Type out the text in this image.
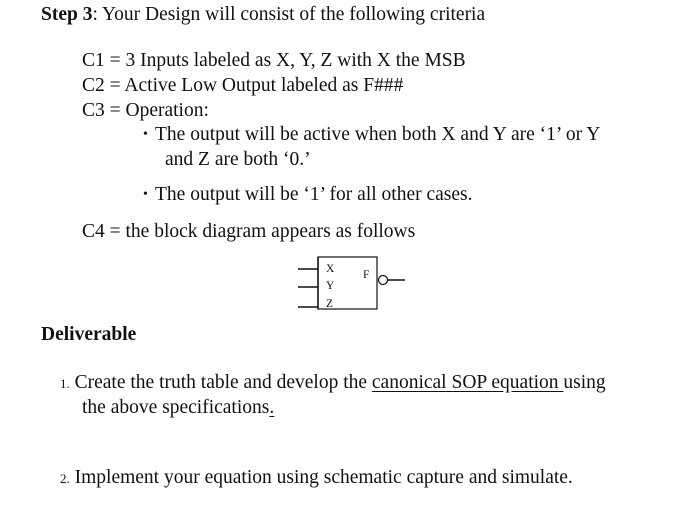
Step 3: Your Design will consist of the following criteria
C1 = 3 Inputs labeled as X, Y, Z with X the MSB
C2 = Active Low Output labeled as F###
C3 = Operation:
• The output will be active when both X and Y are ‘1’ or Y
and Z are both ‘0.’
• The output will be ‘1’ for all other cases.
C4 = the block diagram appears as follows
X
Y
Z
F
Deliverable
1. Create the truth table and develop the canonical SOP equation using
the above specifications.
2. Implement your equation using schematic capture and simulate.
